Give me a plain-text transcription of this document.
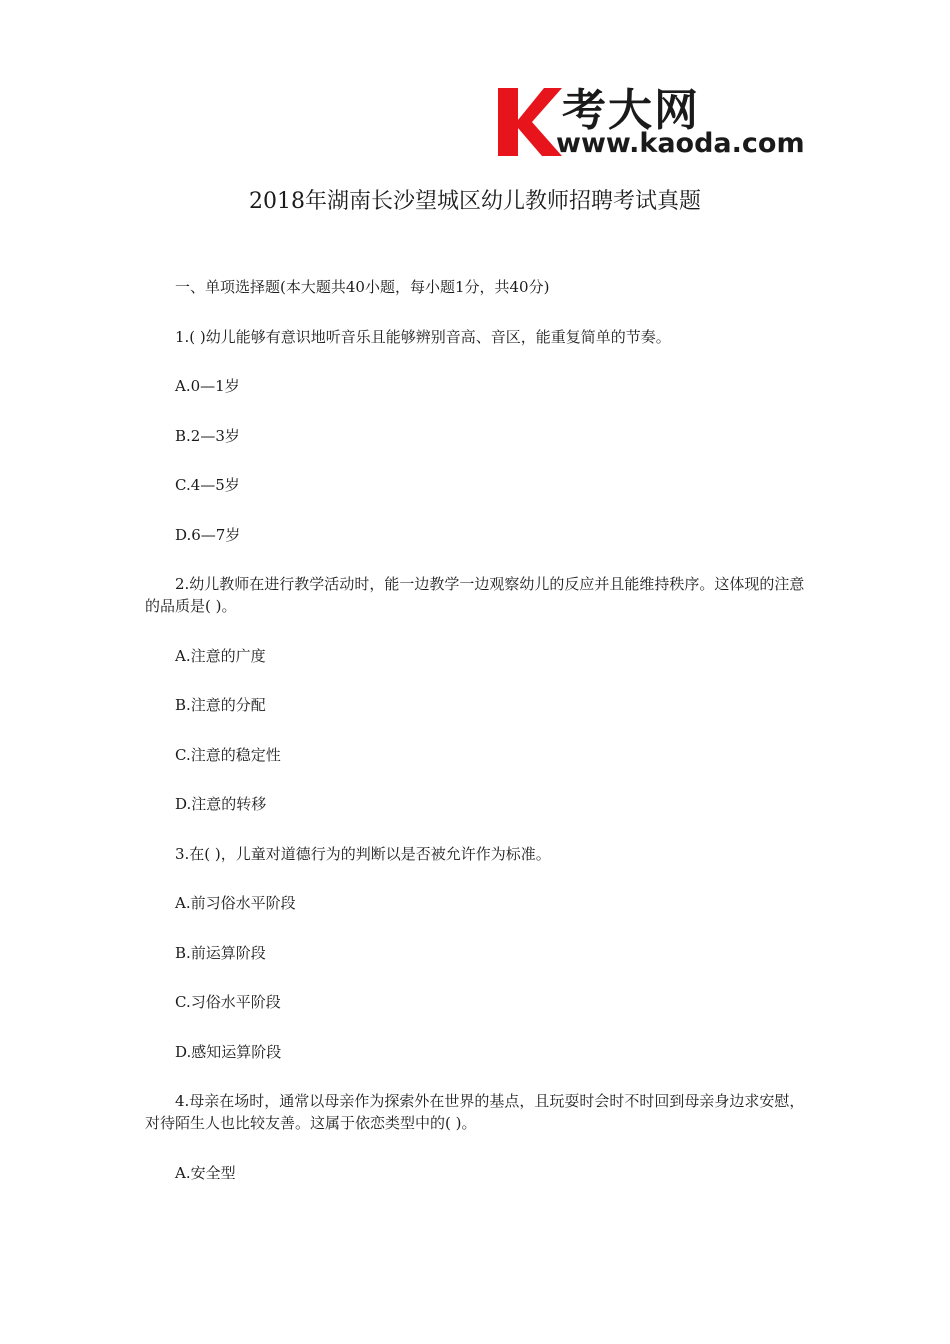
考大网
www.kaoda.com
2018年湖南长沙望城区幼儿教师招聘考试真题

一、单项选择题(本大题共40小题，每小题1分，共40分)

1.( )幼儿能够有意识地听音乐且能够辨别音高、音区，能重复简单的节奏。

A.0—1岁

B.2—3岁

C.4—5岁

D.6—7岁

2.幼儿教师在进行教学活动时，能一边教学一边观察幼儿的反应并且能维持秩序。这体现的注意的品质是( )。

A.注意的广度

B.注意的分配

C.注意的稳定性

D.注意的转移

3.在( )，儿童对道德行为的判断以是否被允许作为标准。

A.前习俗水平阶段

B.前运算阶段

C.习俗水平阶段

D.感知运算阶段

4.母亲在场时，通常以母亲作为探索外在世界的基点，且玩耍时会时不时回到母亲身边求安慰，对待陌生人也比较友善。这属于依恋类型中的( )。

A.安全型
